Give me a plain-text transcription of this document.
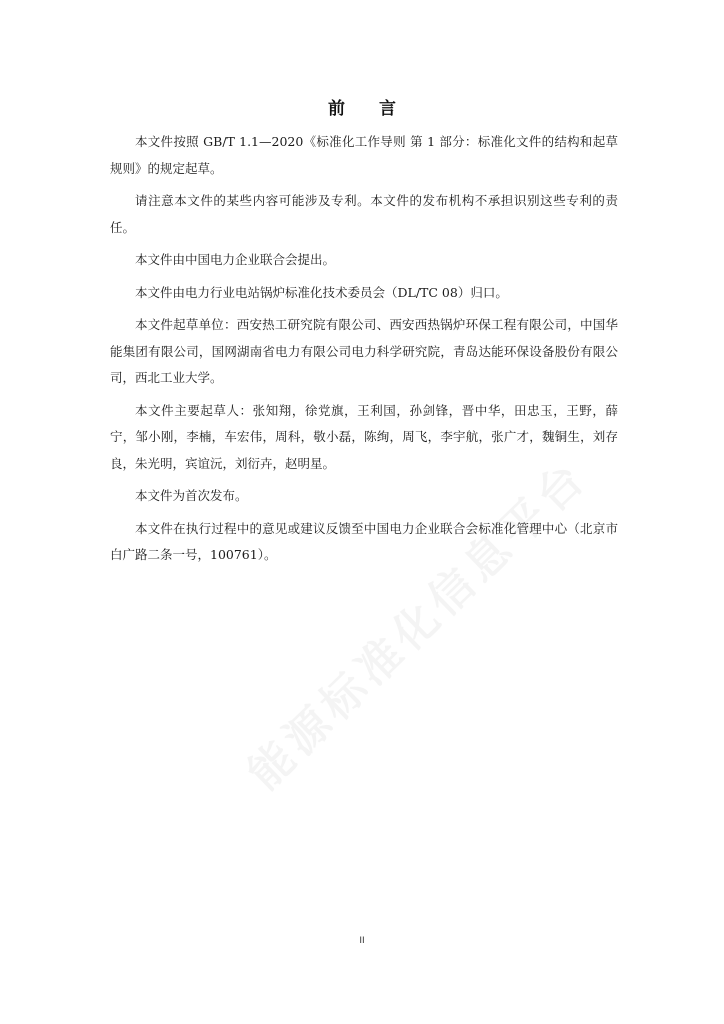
前 言

本文件按照 GB/T 1.1—2020《标准化工作导则 第 1 部分：标准化文件的结构和起草规则》的规定起草。

请注意本文件的某些内容可能涉及专利。本文件的发布机构不承担识别这些专利的责任。

本文件由中国电力企业联合会提出。

本文件由电力行业电站锅炉标准化技术委员会（DL/TC 08）归口。

本文件起草单位：西安热工研究院有限公司、西安西热锅炉环保工程有限公司，中国华能集团有限公司，国网湖南省电力有限公司电力科学研究院，青岛达能环保设备股份有限公司，西北工业大学。

本文件主要起草人：张知翔，徐党旗，王利国，孙剑锋，晋中华，田忠玉，王野，薛宁，邹小刚，李楠，车宏伟，周科，敬小磊，陈绚，周飞，李宇航，张广才，魏铜生，刘存良，朱光明，宾谊沅，刘衍卉，赵明星。

本文件为首次发布。

本文件在执行过程中的意见或建议反馈至中国电力企业联合会标准化管理中心（北京市白广路二条一号，100761）。

II
